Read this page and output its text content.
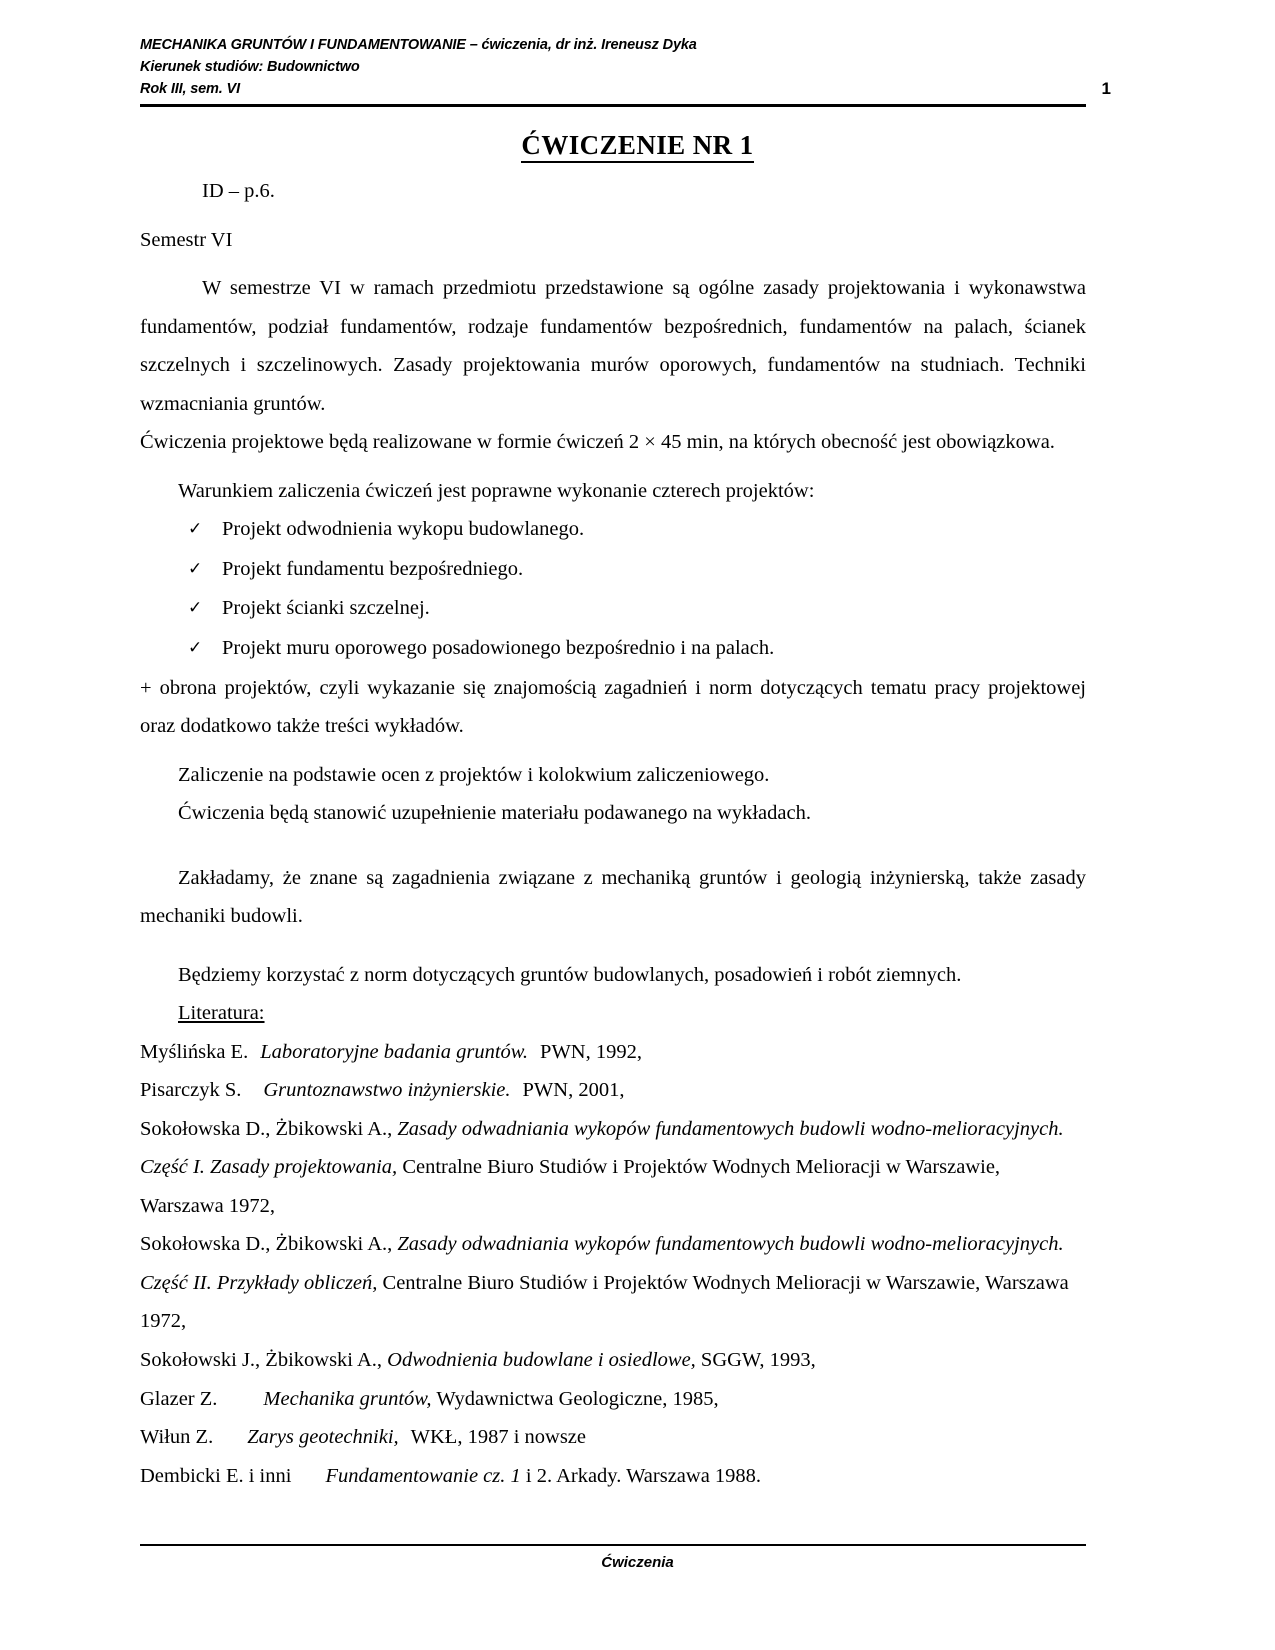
MECHANIKA GRUNTÓW I FUNDAMENTOWANIE – ćwiczenia, dr inż. Ireneusz Dyka
Kierunek studiów: Budownictwo
Rok III, sem. VI	1
ĆWICZENIE NR 1

ID – p.6.

Semestr VI

W semestrze VI w ramach przedmiotu przedstawione są ogólne zasady projektowania i wykonawstwa fundamentów, podział fundamentów, rodzaje fundamentów bezpośrednich, fundamentów na palach, ścianek szczelnych i szczelinowych. Zasady projektowania murów oporowych, fundamentów na studniach. Techniki wzmacniania gruntów.

Ćwiczenia projektowe będą realizowane w formie ćwiczeń 2 × 45 min, na których obecność jest obowiązkowa.

Warunkiem zaliczenia ćwiczeń jest poprawne wykonanie czterech projektów:

✓ Projekt odwodnienia wykopu budowlanego.
✓ Projekt fundamentu bezpośredniego.
✓ Projekt ścianki szczelnej.
✓ Projekt muru oporowego posadowionego bezpośrednio i na palach.

+ obrona projektów, czyli wykazanie się znajomością zagadnień i norm dotyczących tematu pracy projektowej oraz dodatkowo także treści wykładów.

Zaliczenie na podstawie ocen z projektów i kolokwium zaliczeniowego.

Ćwiczenia będą stanowić uzupełnienie materiału podawanego na wykładach.

Zakładamy, że znane są zagadnienia związane z mechaniką gruntów i geologią inżynierską, także zasady mechaniki budowli.

Będziemy korzystać z norm dotyczących gruntów budowlanych, posadowień i robót ziemnych.

Literatura:

Myślińska E. Laboratoryjne badania gruntów. PWN, 1992,

Pisarczyk S. Gruntoznawstwo inżynierskie. PWN, 2001,

Sokołowska D., Żbikowski A., Zasady odwadniania wykopów fundamentowych budowli wodno-melioracyjnych. Część I. Zasady projektowania, Centralne Biuro Studiów i Projektów Wodnych Melioracji w Warszawie, Warszawa 1972,

Sokołowska D., Żbikowski A., Zasady odwadniania wykopów fundamentowych budowli wodno-melioracyjnych. Część II. Przykłady obliczeń, Centralne Biuro Studiów i Projektów Wodnych Melioracji w Warszawie, Warszawa 1972,

Sokołowski J., Żbikowski A., Odwodnienia budowlane i osiedlowe, SGGW, 1993,

Glazer Z. Mechanika gruntów, Wydawnictwa Geologiczne, 1985,

Wiłun Z. Zarys geotechniki, WKŁ, 1987 i nowsze

Dembicki E. i inni Fundamentowanie cz. 1 i 2. Arkady. Warszawa 1988.

Ćwiczenia
